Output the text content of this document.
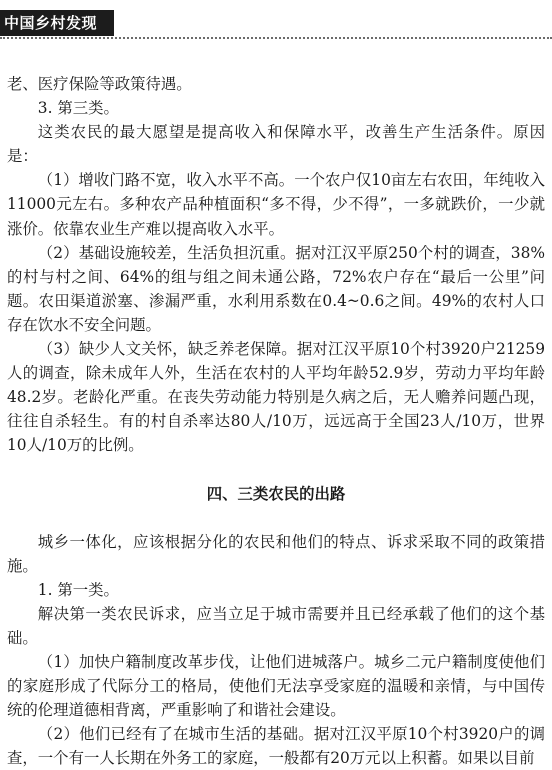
中国乡村发现

老、医疗保险等政策待遇。

3. 第三类。

这类农民的最大愿望是提高收入和保障水平，改善生产生活条件。原因是：

（1）增收门路不宽，收入水平不高。一个农户仅10亩左右农田，年纯收入11000元左右。多种农产品种植面积“多不得，少不得”，一多就跌价，一少就涨价。依靠农业生产难以提高收入水平。

（2）基础设施较差，生活负担沉重。据对江汉平原250个村的调查，38%的村与村之间、64%的组与组之间未通公路，72%农户存在“最后一公里”问题。农田渠道淤塞、渗漏严重，水利用系数在0.4~0.6之间。49%的农村人口存在饮水不安全问题。

（3）缺少人文关怀，缺乏养老保障。据对江汉平原10个村3920户21259人的调查，除未成年人外，生活在农村的人平均年龄52.9岁，劳动力平均年龄48.2岁。老龄化严重。在丧失劳动能力特别是久病之后，无人赡养问题凸现，往往自杀轻生。有的村自杀率达80人/10万，远远高于全国23人/10万，世界10人/10万的比例。

四、三类农民的出路

城乡一体化，应该根据分化的农民和他们的特点、诉求采取不同的政策措施。

1. 第一类。

解决第一类农民诉求，应当立足于城市需要并且已经承载了他们的这个基础。

（1）加快户籍制度改革步伐，让他们进城落户。城乡二元户籍制度使他们的家庭形成了代际分工的格局，使他们无法享受家庭的温暖和亲情，与中国传统的伦理道德相背离，严重影响了和谐社会建设。

（2）他们已经有了在城市生活的基础。据对江汉平原10个村3920户的调查，一个有一人长期在外务工的家庭，一般都有20万元以上积蓄。如果以目前
